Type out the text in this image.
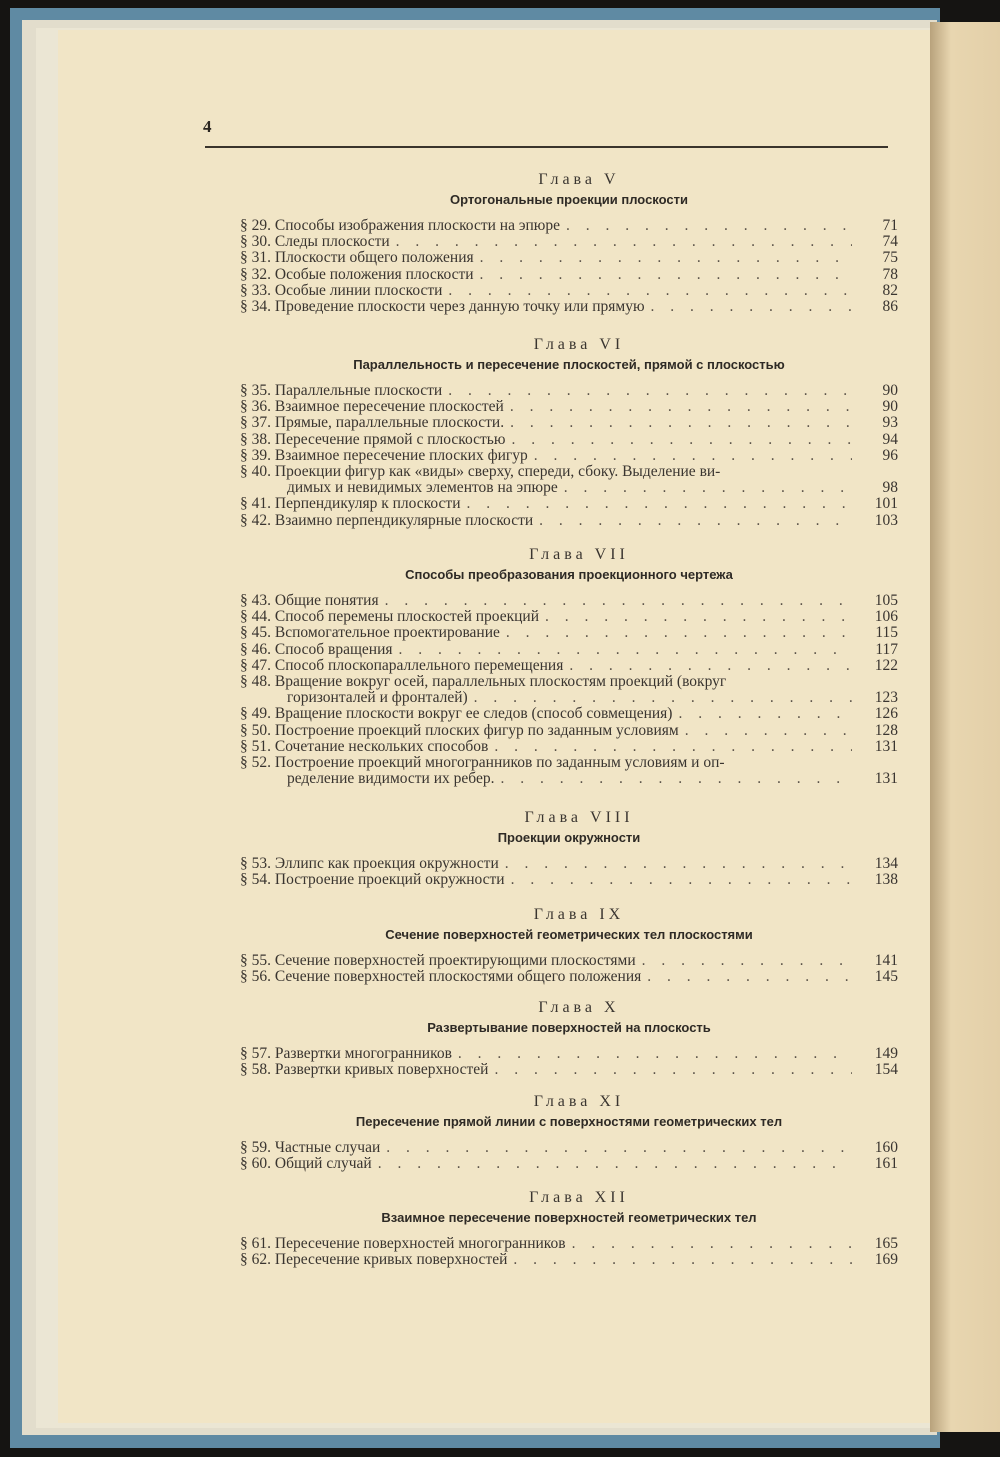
4
Глава V
Ортогональные проекции плоскости
§ 29. Способы изображения плоскости на эпюре . . .	71
§ 30. Следы плоскости . . .	74
§ 31. Плоскости общего положения . . .	75
§ 32. Особые положения плоскости . . .	78
§ 33. Особые линии плоскости . . .	82
§ 34. Проведение плоскости через данную точку или прямую . . .	86
Глава VI
Параллельность и пересечение плоскостей, прямой с плоскостью
§ 35. Параллельные плоскости . . .	90
§ 36. Взаимное пересечение плоскостей . . .	90
§ 37. Прямые, параллельные плоскости. . . .	93
§ 38. Пересечение прямой с плоскостью . . .	94
§ 39. Взаимное пересечение плоских фигур . . .	96
§ 40. Проекции фигур как «виды» сверху, спереди, сбоку. Выделение ви-
димых и невидимых элементов на эпюре . . .	98
§ 41. Перпендикуляр к плоскости . . .	101
§ 42. Взаимно перпендикулярные плоскости . . .	103
Глава VII
Способы преобразования проекционного чертежа
§ 43. Общие понятия . . .	105
§ 44. Способ перемены плоскостей проекций . . .	106
§ 45. Вспомогательное проектирование . . .	115
§ 46. Способ вращения . . .	117
§ 47. Способ плоскопараллельного перемещения . . .	122
§ 48. Вращение вокруг осей, параллельных плоскостям проекций (вокруг
горизонталей и фронталей) . . .	123
§ 49. Вращение плоскости вокруг ее следов (способ совмещения) . . .	126
§ 50. Построение проекций плоских фигур по заданным условиям . . .	128
§ 51. Сочетание нескольких способов . . .	131
§ 52. Построение проекций многогранников по заданным условиям и оп-
ределение видимости их ребер. . . .	131
Глава VIII
Проекции окружности
§ 53. Эллипс как проекция окружности . . .	134
§ 54. Построение проекций окружности . . .	138
Глава IX
Сечение поверхностей геометрических тел плоскостями
§ 55. Сечение поверхностей проектирующими плоскостями . . .	141
§ 56. Сечение поверхностей плоскостями общего положения . . .	145
Глава X
Развертывание поверхностей на плоскость
§ 57. Развертки многогранников . . .	149
§ 58. Развертки кривых поверхностей . . .	154
Глава XI
Пересечение прямой линии с поверхностями геометрических тел
§ 59. Частные случаи . . .	160
§ 60. Общий случай . . .	161
Глава XII
Взаимное пересечение поверхностей геометрических тел
§ 61. Пересечение поверхностей многогранников . . .	165
§ 62. Пересечение кривых поверхностей . . .	169
